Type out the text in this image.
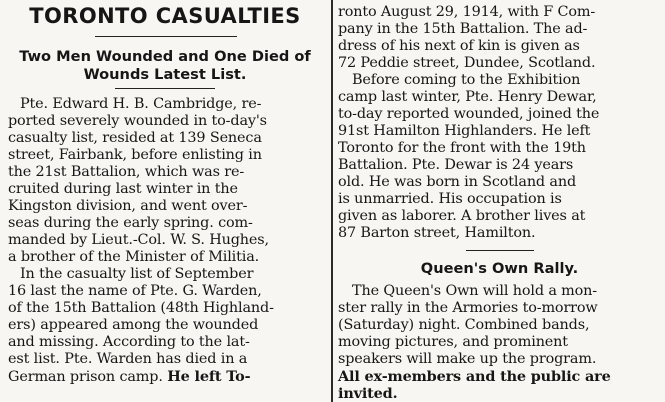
TORONTO CASUALTIES
Two Men Wounded and One Died of
Wounds Latest List.
Pte. Edward H. B. Cambridge, re-
ported severely wounded in to-day's
casualty list, resided at 139 Seneca
street, Fairbank, before enlisting in
the 21st Battalion, which was re-
cruited during last winter in the
Kingston division, and went over-
seas during the early spring. com-
manded by Lieut.-Col. W. S. Hughes,
a brother of the Minister of Militia.
In the casualty list of September
16 last the name of Pte. G. Warden,
of the 15th Battalion (48th Highland-
ers) appeared among the wounded
and missing. According to the lat-
est list. Pte. Warden has died in a
German prison camp. He left To-
ronto August 29, 1914, with F Com-
pany in the 15th Battalion. The ad-
dress of his next of kin is given as
72 Peddie street, Dundee, Scotland.
Before coming to the Exhibition
camp last winter, Pte. Henry Dewar,
to-day reported wounded, joined the
91st Hamilton Highlanders. He left
Toronto for the front with the 19th
Battalion. Pte. Dewar is 24 years
old. He was born in Scotland and
is unmarried. His occupation is
given as laborer. A brother lives at
87 Barton street, Hamilton.
Queen's Own Rally.
The Queen's Own will hold a mon-
ster rally in the Armories to-morrow
(Saturday) night. Combined bands,
moving pictures, and prominent
speakers will make up the program.
All ex-members and the public are
invited.
